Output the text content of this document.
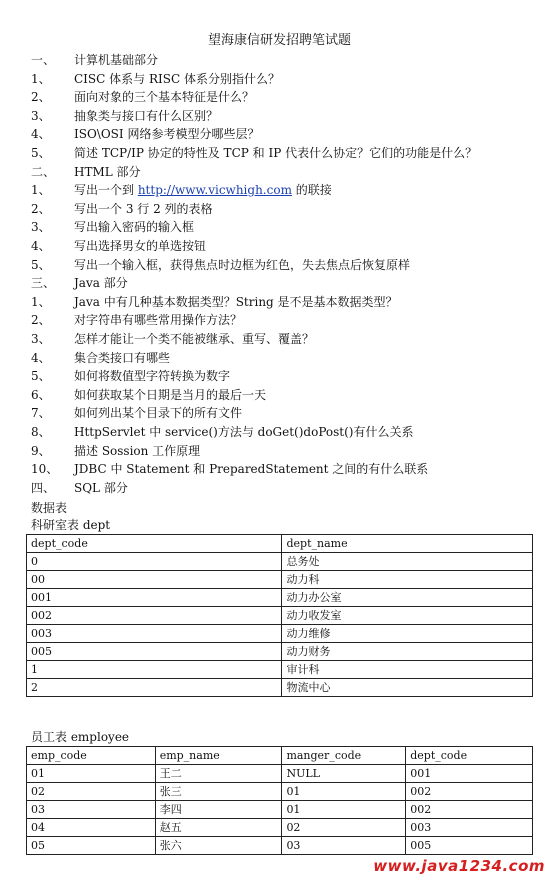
望海康信研发招聘笔试题
一、 计算机基础部分
1、 CISC 体系与 RISC 体系分别指什么？
2、 面向对象的三个基本特征是什么？
3、 抽象类与接口有什么区别？
4、 ISO\OSI 网络参考模型分哪些层？
5、 简述 TCP/IP 协定的特性及 TCP 和 IP 代表什么协定？它们的功能是什么？
二、 HTML 部分
1、 写出一个到 http://www.vicwhigh.com 的联接
2、 写出一个 3 行 2 列的表格
3、 写出输入密码的输入框
4、 写出选择男女的单选按钮
5、 写出一个输入框，获得焦点时边框为红色，失去焦点后恢复原样
三、 Java 部分
1、 Java 中有几种基本数据类型？String 是不是基本数据类型？
2、 对字符串有哪些常用操作方法？
3、 怎样才能让一个类不能被继承、重写、覆盖？
4、 集合类接口有哪些
5、 如何将数值型字符转换为数字
6、 如何获取某个日期是当月的最后一天
7、 如何列出某个目录下的所有文件
8、 HttpServlet 中 service()方法与 doGet()doPost()有什么关系
9、 描述 Sossion 工作原理
10、 JDBC 中 Statement 和 PreparedStatement 之间的有什么联系
四、 SQL 部分
数据表
科研室表 dept
dept_code	dept_name
0	总务处
00	动力科
001	动力办公室
002	动力收发室
003	动力维修
005	动力财务
1	审计科
2	物流中心
员工表 employee
emp_code	emp_name	manger_code	dept_code
01	王二	NULL	001
02	张三	01	002
03	李四	01	002
04	赵五	02	003
05	张六	03	005
www.java1234.com
